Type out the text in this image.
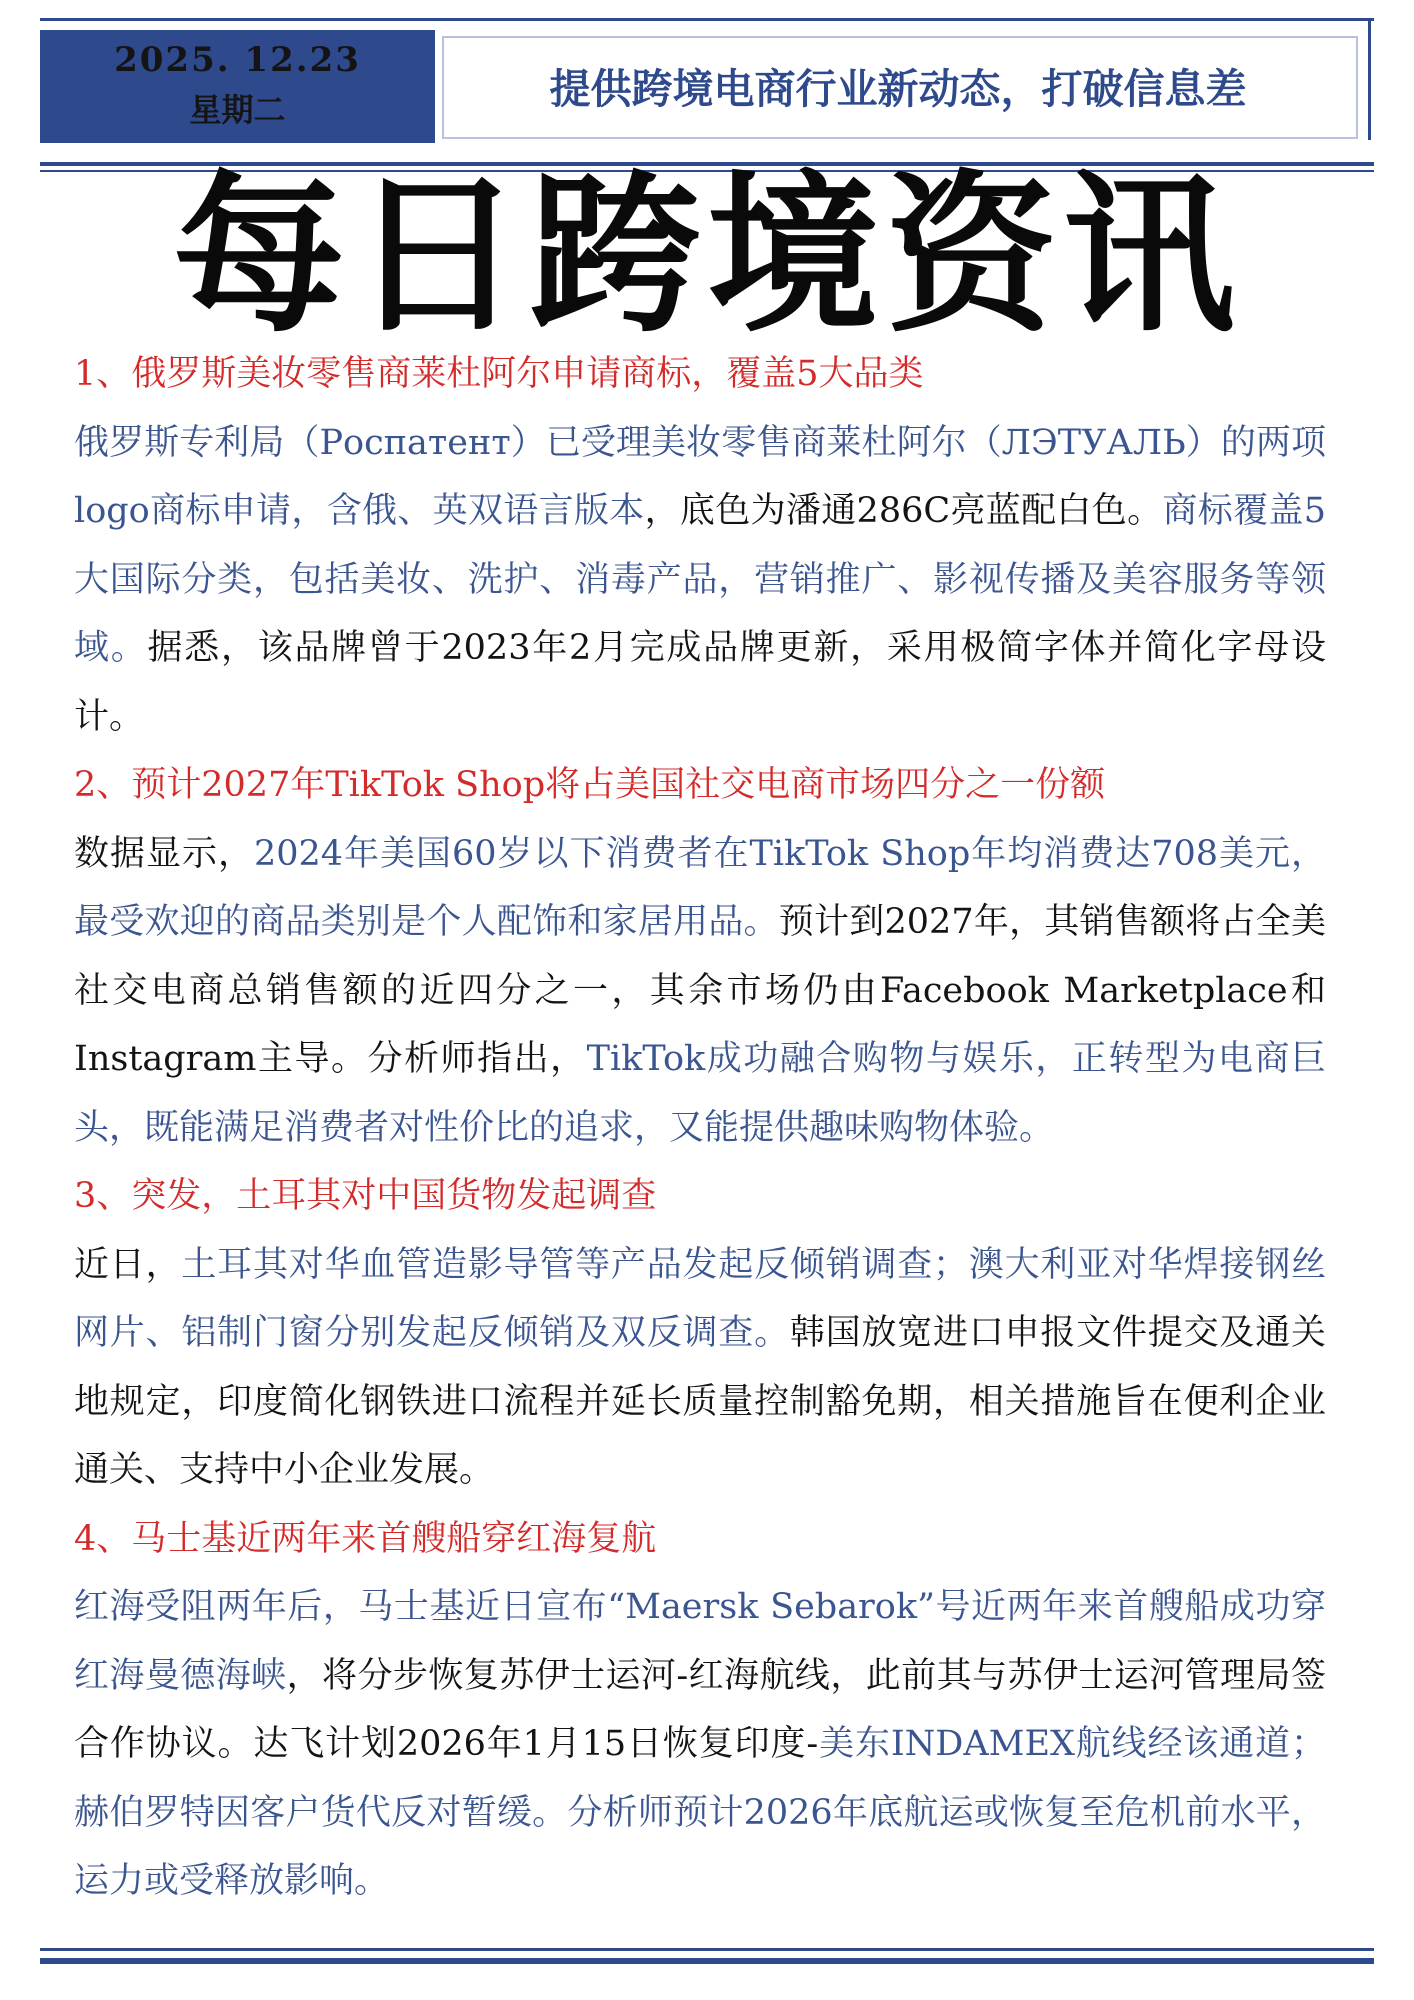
2025. 12.23
星期二	提供跨境电商行业新动态，打破信息差
每日跨境资讯

1、俄罗斯美妆零售商莱杜阿尔申请商标，覆盖5大品类

俄罗斯专利局（Роспатент）已受理美妆零售商莱杜阿尔（ЛЭТУАЛЬ）的两项logo商标申请，含俄、英双语言版本，底色为潘通286C亮蓝配白色。商标覆盖5大国际分类，包括美妆、洗护、消毒产品，营销推广、影视传播及美容服务等领域。据悉，该品牌曾于2023年2月完成品牌更新，采用极简字体并简化字母设计。

2、预计2027年TikTok Shop将占美国社交电商市场四分之一份额

数据显示，2024年美国60岁以下消费者在TikTok Shop年均消费达708美元，最受欢迎的商品类别是个人配饰和家居用品。预计到2027年，其销售额将占全美社交电商总销售额的近四分之一，其余市场仍由Facebook Marketplace和Instagram主导。分析师指出，TikTok成功融合购物与娱乐，正转型为电商巨头，既能满足消费者对性价比的追求，又能提供趣味购物体验。

3、突发，土耳其对中国货物发起调查

近日，土耳其对华血管造影导管等产品发起反倾销调查；澳大利亚对华焊接钢丝网片、铝制门窗分别发起反倾销及双反调查。韩国放宽进口申报文件提交及通关地规定，印度简化钢铁进口流程并延长质量控制豁免期，相关措施旨在便利企业通关、支持中小企业发展。

4、马士基近两年来首艘船穿红海复航

红海受阻两年后，马士基近日宣布“Maersk Sebarok”号近两年来首艘船成功穿红海曼德海峡，将分步恢复苏伊士运河-红海航线，此前其与苏伊士运河管理局签合作协议。达飞计划2026年1月15日恢复印度-美东INDAMEX航线经该通道；赫伯罗特因客户货代反对暂缓。分析师预计2026年底航运或恢复至危机前水平，运力或受释放影响。
